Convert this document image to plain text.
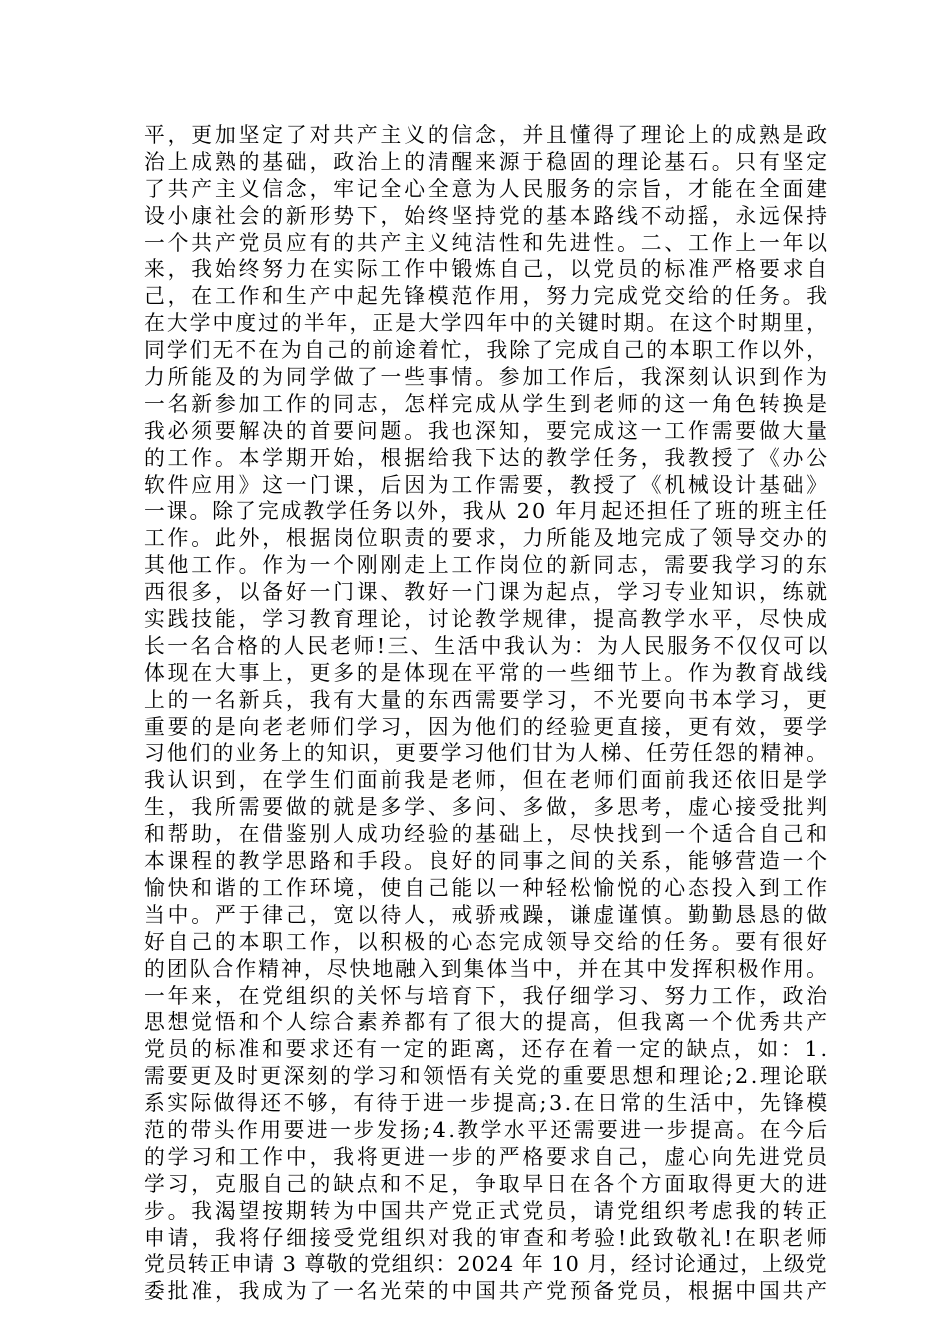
平，更加坚定了对共产主义的信念，并且懂得了理论上的成熟是政
治上成熟的基础，政治上的清醒来源于稳固的理论基石。只有坚定
了共产主义信念，牢记全心全意为人民服务的宗旨，才能在全面建
设小康社会的新形势下，始终坚持党的基本路线不动摇，永远保持
一个共产党员应有的共产主义纯洁性和先进性。二、工作上一年以
来，我始终努力在实际工作中锻炼自己，以党员的标准严格要求自
己，在工作和生产中起先锋模范作用，努力完成党交给的任务。我
在大学中度过的半年，正是大学四年中的关键时期。在这个时期里，
同学们无不在为自己的前途着忙，我除了完成自己的本职工作以外，
力所能及的为同学做了一些事情。参加工作后，我深刻认识到作为
一名新参加工作的同志，怎样完成从学生到老师的这一角色转换是
我必须要解决的首要问题。我也深知，要完成这一工作需要做大量
的工作。本学期开始，根据给我下达的教学任务，我教授了《办公
软件应用》这一门课，后因为工作需要，教授了《机械设计基础》
一课。除了完成教学任务以外，我从 20 年月起还担任了班的班主任
工作。此外，根据岗位职责的要求，力所能及地完成了领导交办的
其他工作。作为一个刚刚走上工作岗位的新同志，需要我学习的东
西很多，以备好一门课、教好一门课为起点，学习专业知识，练就
实践技能，学习教育理论，讨论教学规律，提高教学水平，尽快成
长一名合格的人民老师!三、生活中我认为：为人民服务不仅仅可以
体现在大事上，更多的是体现在平常的一些细节上。作为教育战线
上的一名新兵，我有大量的东西需要学习，不光要向书本学习，更
重要的是向老老师们学习，因为他们的经验更直接，更有效，要学
习他们的业务上的知识，更要学习他们甘为人梯、任劳任怨的精神。
我认识到，在学生们面前我是老师，但在老师们面前我还依旧是学
生，我所需要做的就是多学、多问、多做，多思考，虚心接受批判
和帮助，在借鉴别人成功经验的基础上，尽快找到一个适合自己和
本课程的教学思路和手段。良好的同事之间的关系，能够营造一个
愉快和谐的工作环境，使自己能以一种轻松愉悦的心态投入到工作
当中。严于律己，宽以待人，戒骄戒躁，谦虚谨慎。勤勤恳恳的做
好自己的本职工作，以积极的心态完成领导交给的任务。要有很好
的团队合作精神，尽快地融入到集体当中，并在其中发挥积极作用。
一年来，在党组织的关怀与培育下，我仔细学习、努力工作，政治
思想觉悟和个人综合素养都有了很大的提高，但我离一个优秀共产
党员的标准和要求还有一定的距离，还存在着一定的缺点，如：1.
需要更及时更深刻的学习和领悟有关党的重要思想和理论;2.理论联
系实际做得还不够，有待于进一步提高;3.在日常的生活中，先锋模
范的带头作用要进一步发扬;4.教学水平还需要进一步提高。在今后
的学习和工作中，我将更进一步的严格要求自己，虚心向先进党员
学习，克服自己的缺点和不足，争取早日在各个方面取得更大的进
步。我渴望按期转为中国共产党正式党员，请党组织考虑我的转正
申请，我将仔细接受党组织对我的审查和考验!此致敬礼!在职老师
党员转正申请 3 尊敬的党组织：2024 年 10 月，经讨论通过，上级党
委批准，我成为了一名光荣的中国共产党预备党员，根据中国共产
